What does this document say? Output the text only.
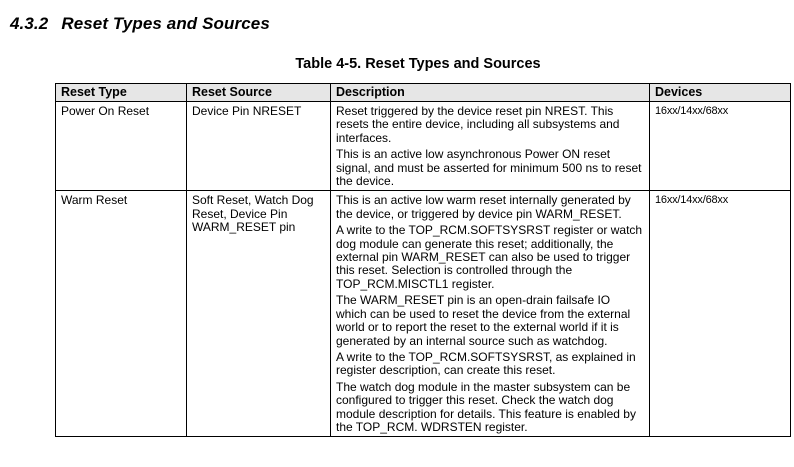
4.3.2 Reset Types and Sources
Table 4-5. Reset Types and Sources
Reset Type	Reset Source	Description	Devices
Power On Reset	Device Pin NRESET	Reset triggered by the device reset pin NREST. This resets the entire device, including all subsystems and interfaces.

This is an active low asynchronous Power ON reset signal, and must be asserted for minimum 500 ns to reset the device.	16xx/14xx/68xx
Warm Reset	Soft Reset, Watch Dog Reset, Device Pin WARM_RESET pin	This is an active low warm reset internally generated by the device, or triggered by device pin WARM_RESET.

A write to the TOP_RCM.SOFTSYSRST register or watch dog module can generate this reset; additionally, the external pin WARM_RESET can also be used to trigger this reset. Selection is controlled through the TOP_RCM.MISCTL1 register.

The WARM_RESET pin is an open-drain failsafe IO which can be used to reset the device from the external world or to report the reset to the external world if it is generated by an internal source such as watchdog.

A write to the TOP_RCM.SOFTSYSRST, as explained in register description, can create this reset.

The watch dog module in the master subsystem can be configured to trigger this reset. Check the watch dog module description for details. This feature is enabled by the TOP_RCM. WDRSTEN register.	16xx/14xx/68xx
